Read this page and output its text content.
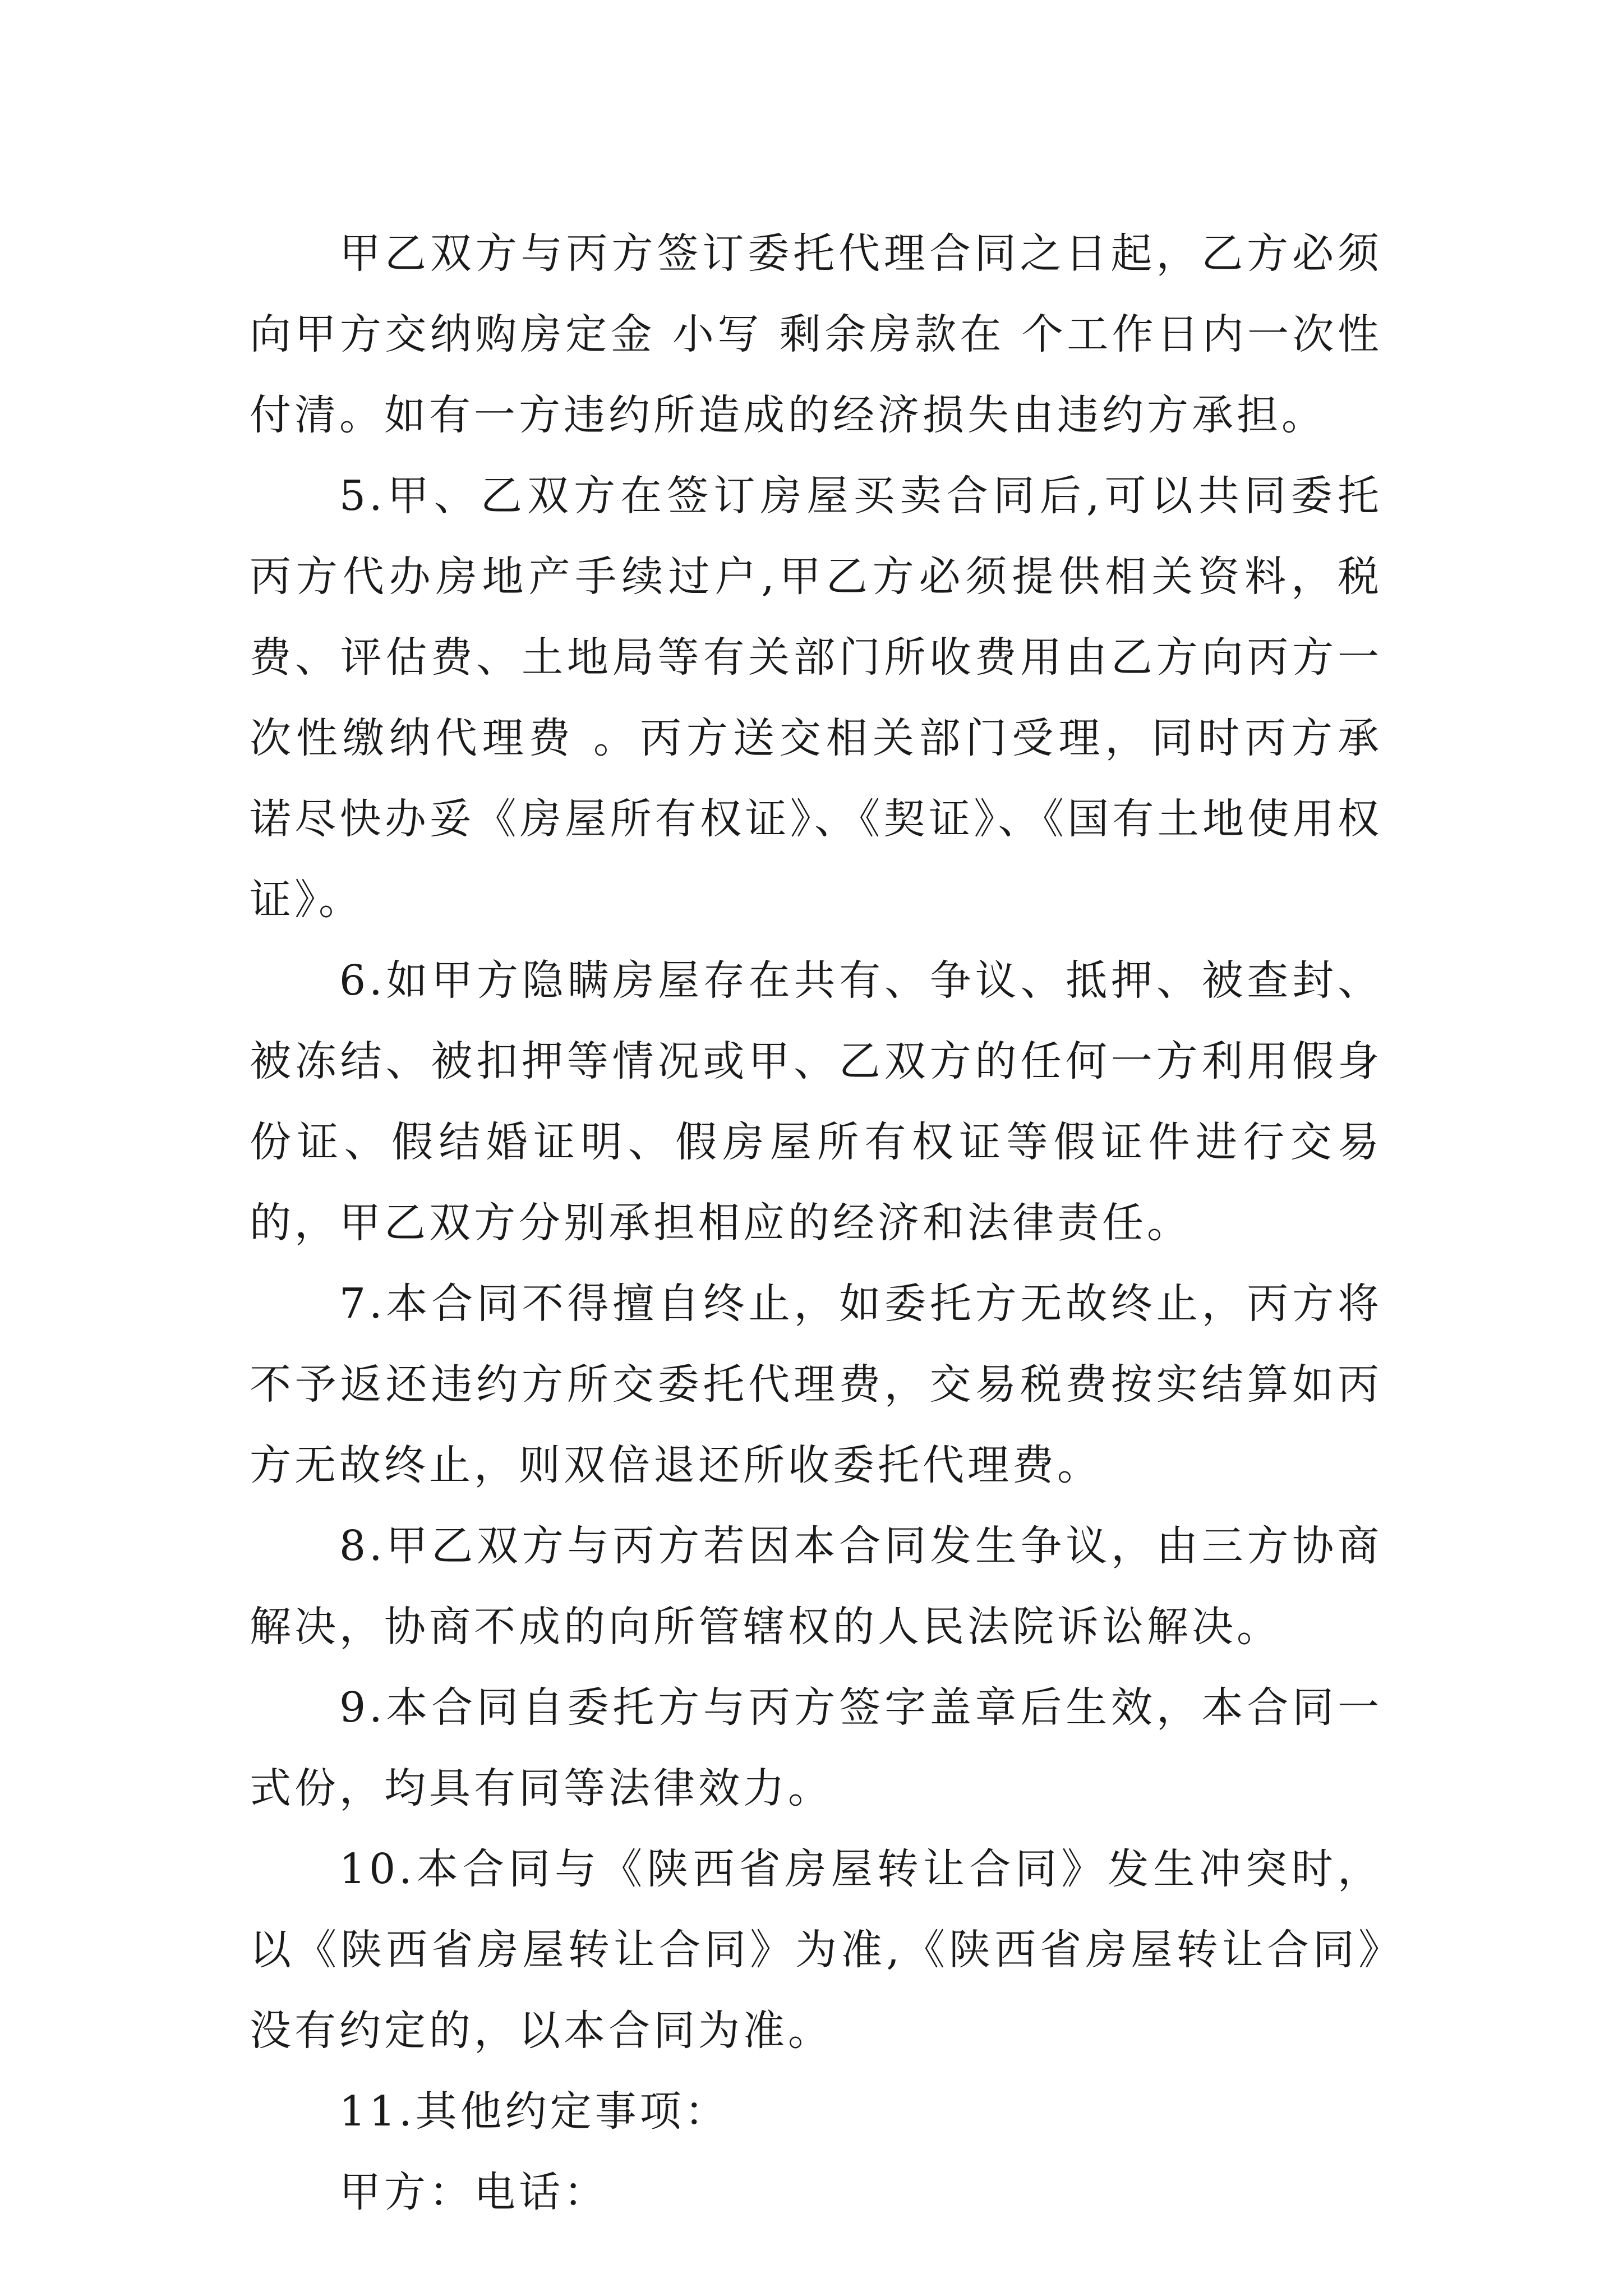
甲乙双方与丙方签订委托代理合同之日起，乙方必须向甲方交纳购房定金 小写 剩余房款在 个工作日内一次性付清。如有一方违约所造成的经济损失由违约方承担。

5.甲、乙双方在签订房屋买卖合同后,可以共同委托丙方代办房地产手续过户,甲乙方必须提供相关资料，税费、评估费、土地局等有关部门所收费用由乙方向丙方一次性缴纳代理费 。丙方送交相关部门受理，同时丙方承诺尽快办妥《房屋所有权证》、《契证》、《国有土地使用权证》。

6.如甲方隐瞒房屋存在共有、争议、抵押、被查封、被冻结、被扣押等情况或甲、乙双方的任何一方利用假身份证、假结婚证明、假房屋所有权证等假证件进行交易的，甲乙双方分别承担相应的经济和法律责任。

7.本合同不得擅自终止，如委托方无故终止，丙方将不予返还违约方所交委托代理费，交易税费按实结算如丙方无故终止，则双倍退还所收委托代理费。

8.甲乙双方与丙方若因本合同发生争议，由三方协商解决，协商不成的向所管辖权的人民法院诉讼解决。

9.本合同自委托方与丙方签字盖章后生效，本合同一式份，均具有同等法律效力。

10.本合同与《陕西省房屋转让合同》发生冲突时，以《陕西省房屋转让合同》为准,《陕西省房屋转让合同》没有约定的，以本合同为准。

11.其他约定事项：

甲方：电话：
